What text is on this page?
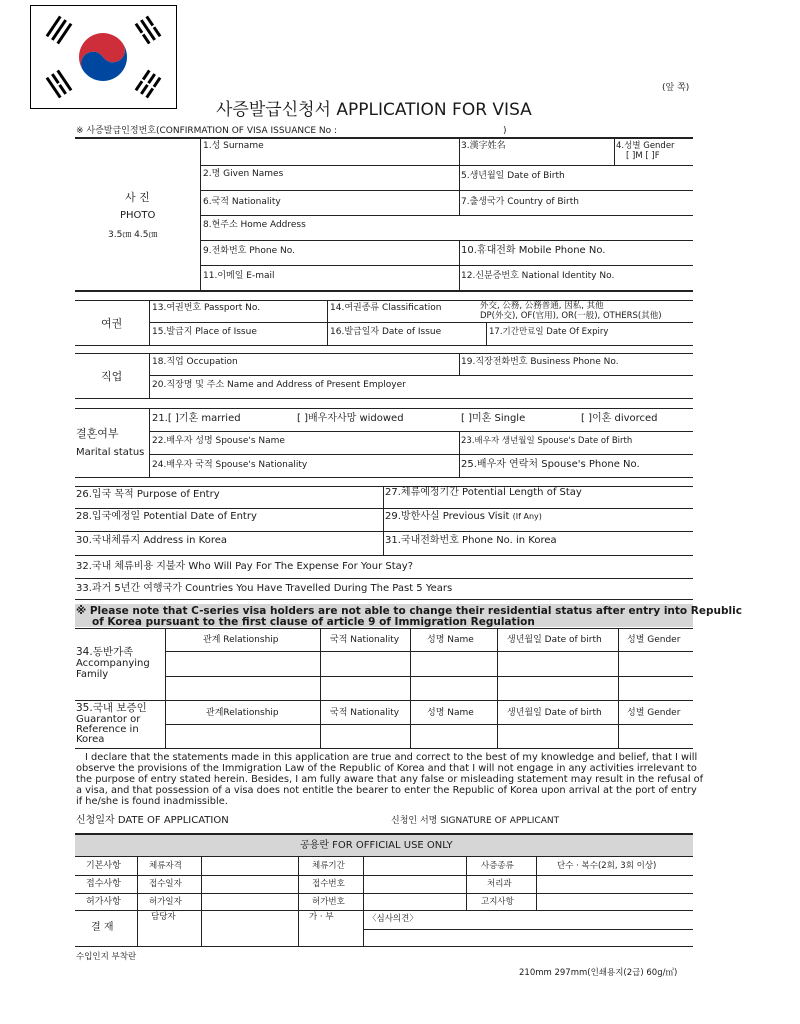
(앞 쪽)
사증발급신청서 APPLICATION FOR VISA
※ 사증발급인정번호(CONFIRMATION OF VISA ISSUANCE No :	)
사 진
PHOTO
3.5㎝ 4.5㎝
1.성 Surname	3.漢字姓名	4.성별 Gender
[ ]M [ ]F
2.명 Given Names	5.생년월일 Date of Birth
6.국적 Nationality	7.출생국가 Country of Birth
8.현주소 Home Address
9.전화번호 Phone No.	10.휴대전화 Mobile Phone No.
11.이메일 E-mail	12.신분증번호 National Identity No.
여권
13.여권번호 Passport No.	14.여권종류 Classification	外交, 公務, 公務普通, 因私, 其他
DP(外交), OF(官用), OR(一般), OTHERS(其他)
15.발급지 Place of Issue	16.발급일자 Date of Issue	17.기간만료일 Date Of Expiry
직업
18.직업 Occupation	19.직장전화번호 Business Phone No.
20.직장명 및 주소 Name and Address of Present Employer
결혼여부
Marital status
21.[ ]기혼 married	[ ]배우자사망 widowed	[ ]미혼 Single	[ ]이혼 divorced
22.배우자 성명 Spouse's Name	23.배우자 생년월일 Spouse's Date of Birth
24.배우자 국적 Spouse's Nationality	25.배우자 연락처 Spouse's Phone No.
26.입국 목적 Purpose of Entry	27.체류예정기간 Potential Length of Stay
28.입국예정일 Potential Date of Entry	29.방한사실 Previous Visit (If Any)
30.국내체류지 Address in Korea	31.국내전화번호 Phone No. in Korea
32.국내 체류비용 지불자 Who Will Pay For The Expense For Your Stay?
33.과거 5년간 여행국가 Countries You Have Travelled During The Past 5 Years
※ Please note that C-series visa holders are not able to change their residential status after entry into Republic
of Korea pursuant to the first clause of article 9 of Immigration Regulation
34.동반가족
Accompanying
Family
관계 Relationship	국적 Nationality	성명 Name	생년월일 Date of birth	성별 Gender
35.국내 보증인
Guarantor or
Reference in
Korea
관계Relationship	국적 Nationality	성명 Name	생년월일 Date of birth	성별 Gender
I declare that the statements made in this application are true and correct to the best of my knowledge and belief, that I will
observe the provisions of the Immigration Law of the Republic of Korea and that I will not engage in any activities irrelevant to
the purpose of entry stated herein. Besides, I am fully aware that any false or misleading statement may result in the refusal of
a visa, and that possession of a visa does not entitle the bearer to enter the Republic of Korea upon arrival at the port of entry
if he/she is found inadmissible.
신청일자 DATE OF APPLICATION	신청인 서명 SIGNATURE OF APPLICANT
공용란 FOR OFFICIAL USE ONLY
기본사항	체류자격	체류기간	사증종류	단수 · 복수(2회, 3회 이상)
접수사항	접수일자	접수번호	처리과
허가사항	허가일자	허가번호	고지사항
결 재
담당자	가 · 부	〈심사의견〉
수입인지 부착란
210mm 297mm(인쇄용지(2급) 60g/㎡)
